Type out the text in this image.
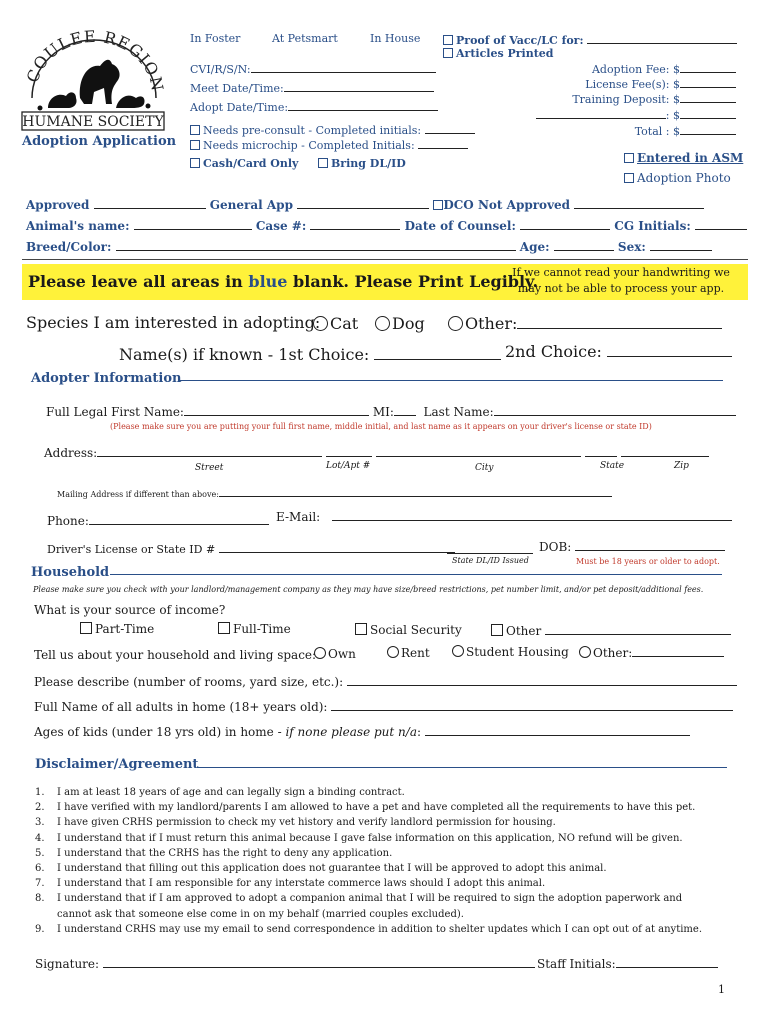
COULEE REGION
HUMANE SOCIETY
Adoption Application
In Foster	At Petsmart	In House	Proof of Vacc/LC for:
Articles Printed
CVI/R/S/N:
Meet Date/Time:
Adopt Date/Time:
Needs pre-consult - Completed initials:
Needs microchip - Completed Initials:
Cash/Card Only	Bring DL/ID
Adoption Fee: $
License Fee(s): $
Training Deposit: $
: $
Total : $
Entered in ASM
Adoption Photo
Approved	General App	DCO Not Approved
Animal's name:	Case #:	Date of Counsel:	CG Initials:
Breed/Color:	Age:	Sex:
Please leave all areas in blue blank. Please Print Legibly.
If we cannot read your handwriting we
may not be able to process your app.
Species I am interested in adopting: Cat	Dog	Other:
Name(s) if known - 1st Choice:	2nd Choice:
Adopter Information
Full Legal First Name:	MI: Last Name:
(Please make sure you are putting your full first name, middle initial, and last name as it appears on your driver's license or state ID)
Address:
Street	Lot/Apt #	City	State	Zip
Mailing Address if different than above:
Phone:	E-Mail:
Driver's License or State ID #	DOB:
State DL/ID Issued	Must be 18 years or older to adopt.
Household
Please make sure you check with your landlord/management company as they may have size/breed restrictions, pet number limit, and/or pet deposit/additional fees.
What is your source of income?
Part-Time	Full-Time	Social Security	Other
Tell us about your household and living space: Own	Rent	Student Housing	Other:
Please describe (number of rooms, yard size, etc.):
Full Name of all adults in home (18+ years old):
Ages of kids (under 18 yrs old) in home - if none please put n/a:
Disclaimer/Agreement
1. I am at least 18 years of age and can legally sign a binding contract.
2. I have verified with my landlord/parents I am allowed to have a pet and have completed all the requirements to have this pet.
3. I have given CRHS permission to check my vet history and verify landlord permission for housing.
4. I understand that if I must return this animal because I gave false information on this application, NO refund will be given.
5. I understand that the CRHS has the right to deny any application.
6. I understand that filling out this application does not guarantee that I will be approved to adopt this animal.
7. I understand that I am responsible for any interstate commerce laws should I adopt this animal.
8. I understand that if I am approved to adopt a companion animal that I will be required to sign the adoption paperwork and
cannot ask that someone else come in on my behalf (married couples excluded).
9. I understand CRHS may use my email to send correspondence in addition to shelter updates which I can opt out of at anytime.
Signature:	Staff Initials:
1
